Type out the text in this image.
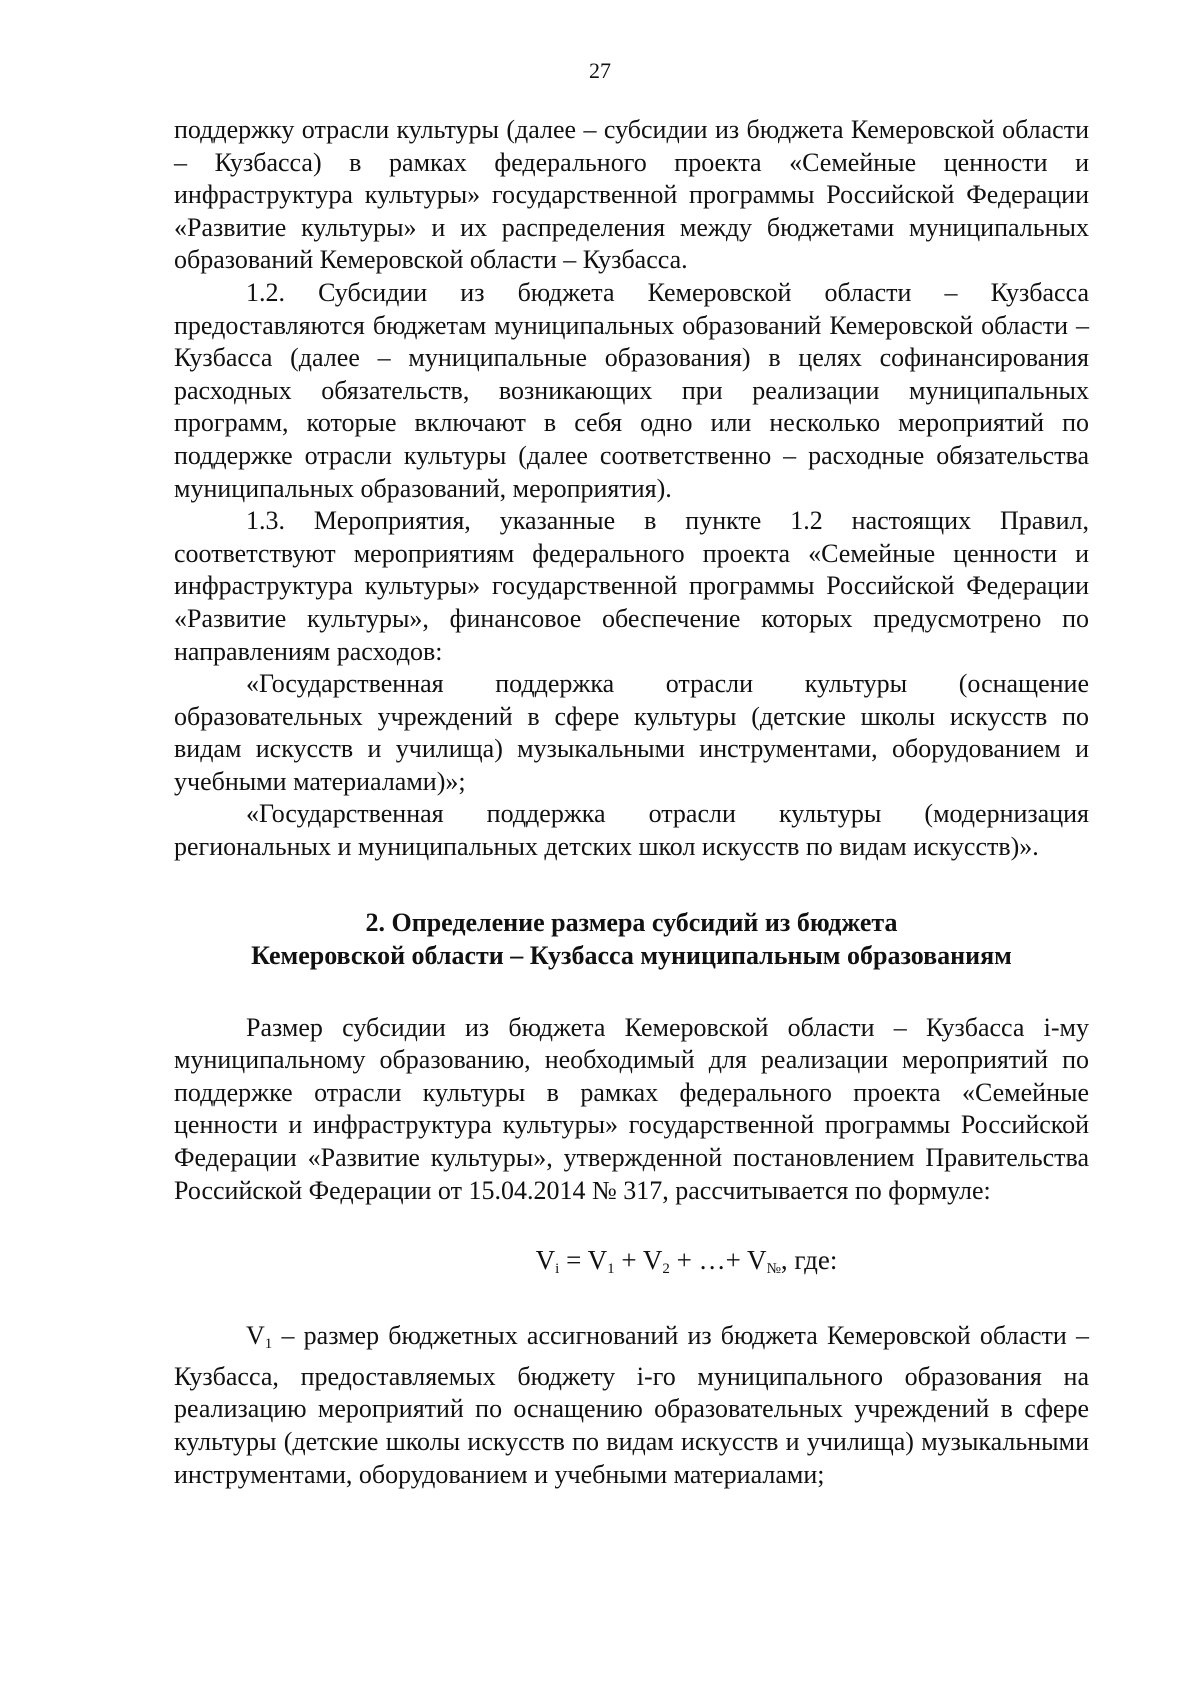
27

поддержку отрасли культуры (далее – субсидии из бюджета Кемеровской области – Кузбасса) в рамках федерального проекта «Семейные ценности и инфраструктура культуры» государственной программы Российской Федерации «Развитие культуры» и их распределения между бюджетами муниципальных образований Кемеровской области – Кузбасса.

1.2. Субсидии из бюджета Кемеровской области – Кузбасса предоставляются бюджетам муниципальных образований Кемеровской области – Кузбасса (далее – муниципальные образования) в целях софинансирования расходных обязательств, возникающих при реализации муниципальных программ, которые включают в себя одно или несколько мероприятий по поддержке отрасли культуры (далее соответственно – расходные обязательства муниципальных образований, мероприятия).

1.3. Мероприятия, указанные в пункте 1.2 настоящих Правил, соответствуют мероприятиям федерального проекта «Семейные ценности и инфраструктура культуры» государственной программы Российской Федерации «Развитие культуры», финансовое обеспечение которых предусмотрено по направлениям расходов:

«Государственная поддержка отрасли культуры (оснащение образовательных учреждений в сфере культуры (детские школы искусств по видам искусств и училища) музыкальными инструментами, оборудованием и учебными материалами)»;

«Государственная поддержка отрасли культуры (модернизация региональных и муниципальных детских школ искусств по видам искусств)».

2. Определение размера субсидий из бюджета
Кемеровской области – Кузбасса муниципальным образованиям

Размер субсидии из бюджета Кемеровской области – Кузбасса i-му муниципальному образованию, необходимый для реализации мероприятий по поддержке отрасли культуры в рамках федерального проекта «Семейные ценности и инфраструктура культуры» государственной программы Российской Федерации «Развитие культуры», утвержденной постановлением Правительства Российской Федерации от 15.04.2014 № 317, рассчитывается по формуле:

$V_i = V_1 + V_2$ + …+ $V_№$, где:

$V_1$ – размер бюджетных ассигнований из бюджета Кемеровской области – Кузбасса, предоставляемых бюджету i-го муниципального образования на реализацию мероприятий по оснащению образовательных учреждений в сфере культуры (детские школы искусств по видам искусств и училища) музыкальными инструментами, оборудованием и учебными материалами;
